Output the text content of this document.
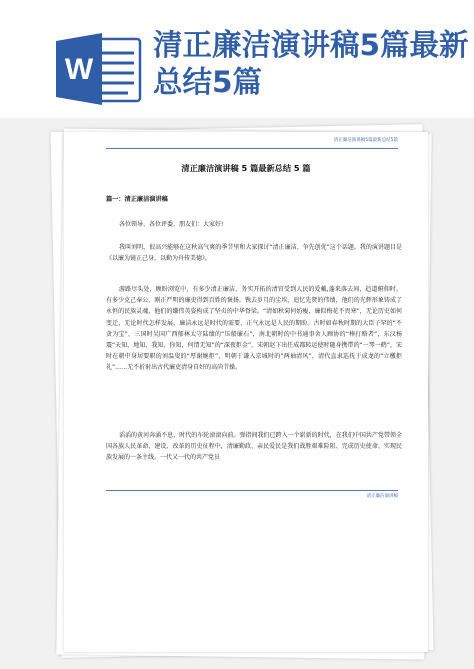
W
清正廉洁演讲稿5篇最新总结5篇
清正廉洁演讲稿5篇最新总结5篇
清正廉洁演讲稿 5 篇最新总结 5 篇
篇一：清正廉洁演讲稿
各位领导、各位评委、朋友们：大家好!
我叫刘明，很高兴能够在这秋高气爽的季节里和大家探讨“清正廉洁、争先创优”这个话题。我的演讲题目是《以廉为镜正己身，以勤为舟传美德》。
游路尽头处，顾盼浏览中，有多少清正廉洁、务实开拓的清官受到人民的爱戴,蓬来落去间，趋道俯仰时，有多少克己奉公、刚正严明的廉吏得到百姓的褒扬。镌去岁月的尘埃，追忆先贤的伟绩，他们的光辉形象铸成了永恒的民族灵魂，他们的嫌伟英姿构成了坚贞的中华脊梁。“清如秋菊何妨瘦，廉似梅花不畏寒”，无论历史如何变迁，无论时代怎样发展，廉洁永远是时代的需要，正气永远是人民的期盼。古时如春秋时期的大臣子罕的“不贪为宝”，三国时吴国广西郁林太守陆绩的“压船廉石”，南北朝时的中书通事舍人顾协的“棒打赂者”，东汉杨震“天知、地知、我知、你知，何谓无知”的“深夜拒金”，宋朝赵卞出任成都转运使时随身携带的“一琴一鹤”，宋时在朝中身居要职的刘温叟的“厚谢婉拒”，明朝于谦入京城时的“两袖清风”，清代直隶巡抚于成龙的“立檄拒礼”……无不折射出古代廉吏清身自好的高尚节操。
滔滔的黄河奔涌不息，时代的车轮滚滚向前。弹指间我们已跨入一个崭新的时代，在我们中国共产党带领全国各族人民革命、建设、改革的历史征程中，清廉勤政、亲民爱民是我们战胜艰难险阻、完成历史使命、实现民族发展的一条主线。一代又一代的共产党员
清正廉洁演讲稿
